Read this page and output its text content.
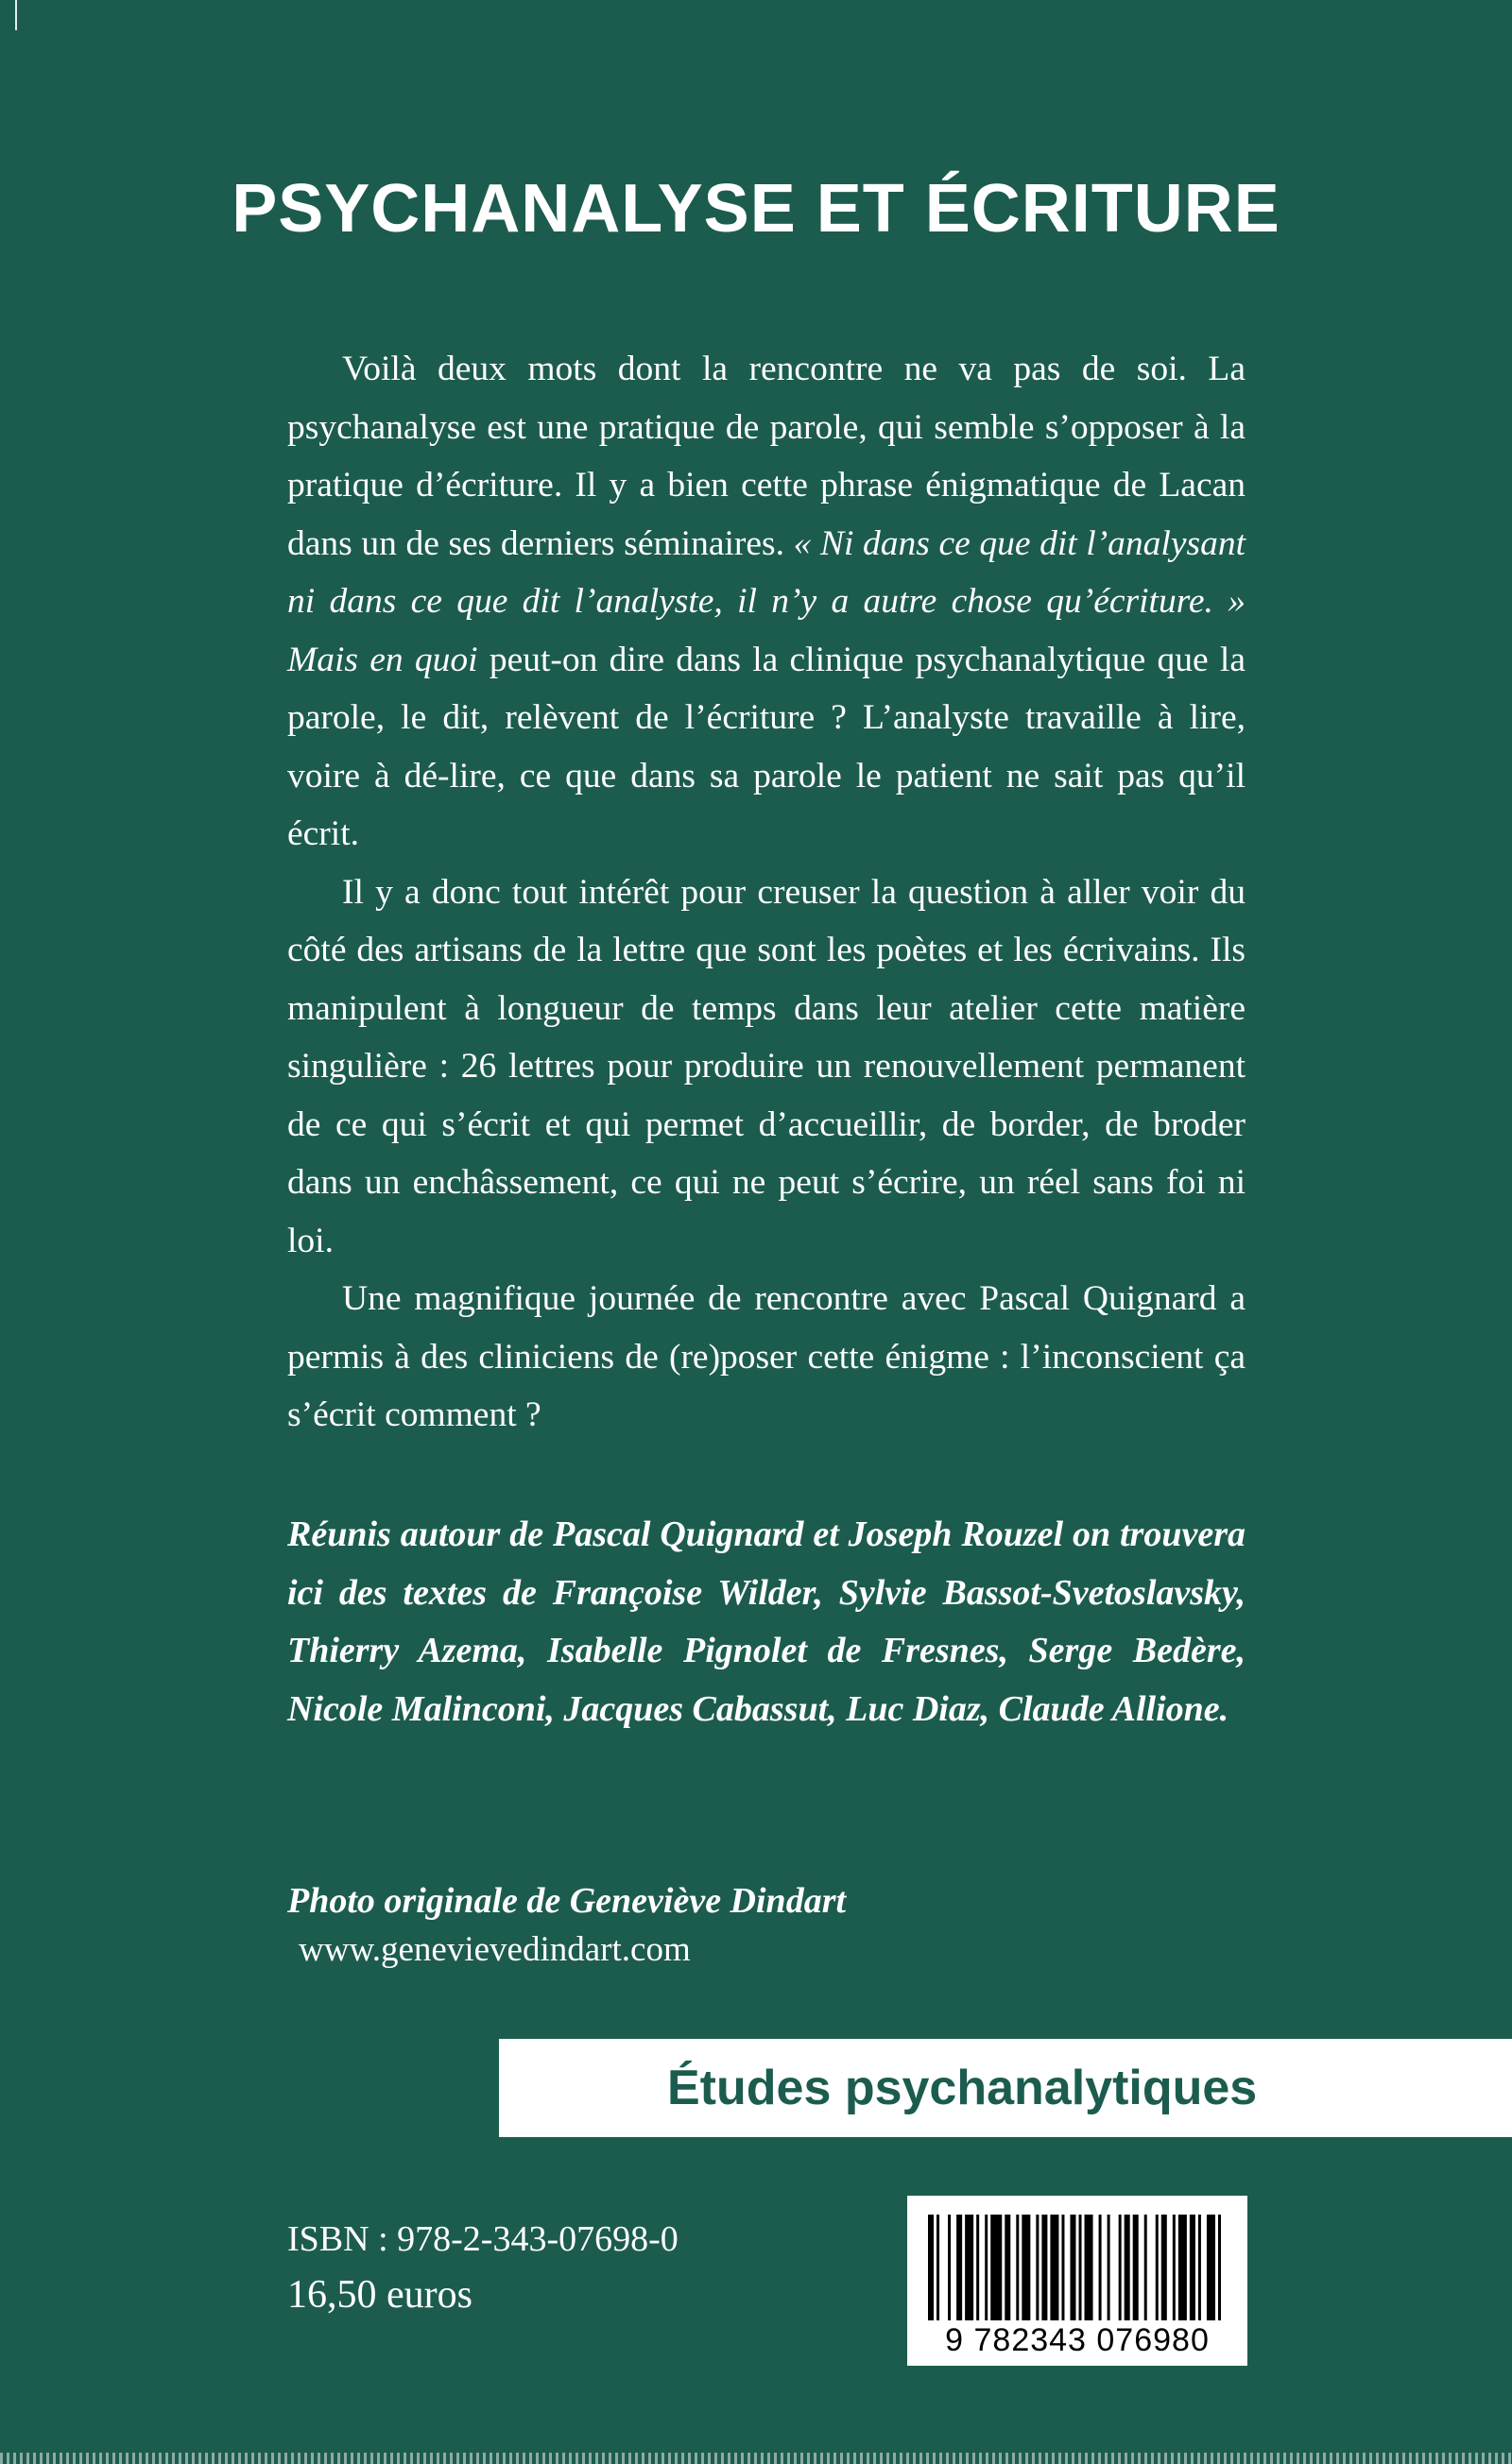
PSYCHANALYSE ET ÉCRITURE

Voilà deux mots dont la rencontre ne va pas de soi. La psychanalyse est une pratique de parole, qui semble s’opposer à la pratique d’écriture. Il y a bien cette phrase énigmatique de Lacan dans un de ses derniers séminaires. « Ni dans ce que dit l’analysant ni dans ce que dit l’analyste, il n’y a autre chose qu’écriture. » Mais en quoi peut-on dire dans la clinique psychanalytique que la parole, le dit, relèvent de l’écriture ? L’analyste travaille à lire, voire à dé-lire, ce que dans sa parole le patient ne sait pas qu’il écrit.

Il y a donc tout intérêt pour creuser la question à aller voir du côté des artisans de la lettre que sont les poètes et les écrivains. Ils manipulent à longueur de temps dans leur atelier cette matière singulière : 26 lettres pour produire un renouvellement permanent de ce qui s’écrit et qui permet d’accueillir, de border, de broder dans un enchâssement, ce qui ne peut s’écrire, un réel sans foi ni loi.

Une magnifique journée de rencontre avec Pascal Quignard a permis à des cliniciens de (re)poser cette énigme : l’inconscient ça s’écrit comment ?

Réunis autour de Pascal Quignard et Joseph Rouzel on trouvera ici des textes de Françoise Wilder, Sylvie Bassot-Svetoslavsky, Thierry Azema, Isabelle Pignolet de Fresnes, Serge Bedère, Nicole Malinconi, Jacques Cabassut, Luc Diaz, Claude Allione.

Photo originale de Geneviève Dindart

www.genevievedindart.com

Études psychanalytiques

ISBN : 978-2-343-07698-0

16,50 euros

9 782343 076980
